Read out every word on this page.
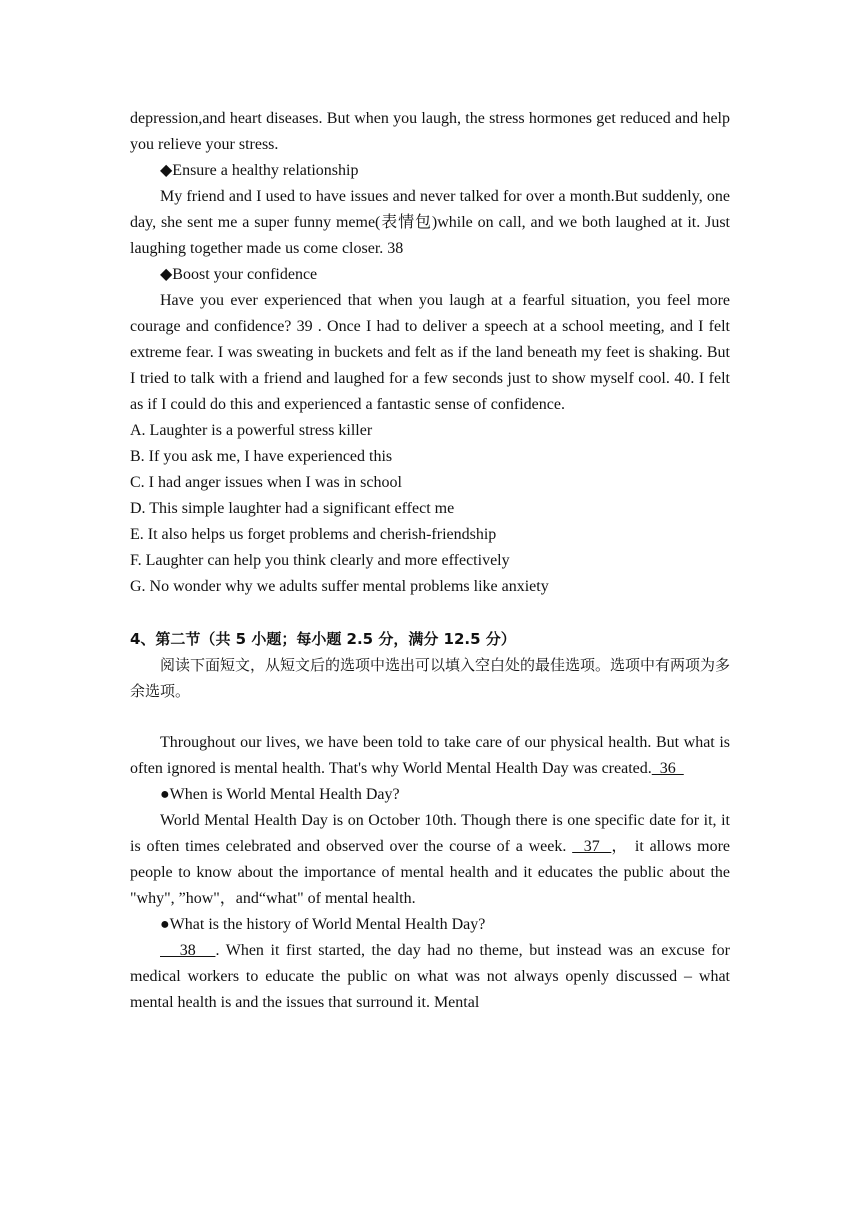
depression,and heart diseases. But when you laugh, the stress hormones get reduced and help you relieve your stress.

◆Ensure a healthy relationship

My friend and I used to have issues and never talked for over a month.But suddenly, one day, she sent me a super funny meme(表情包)while on call, and we both laughed at it. Just laughing together made us come closer. 38

◆Boost your confidence

Have you ever experienced that when you laugh at a fearful situation, you feel more courage and confidence? 39 . Once I had to deliver a speech at a school meeting, and I felt extreme fear. I was sweating in buckets and felt as if the land beneath my feet is shaking. But I tried to talk with a friend and laughed for a few seconds just to show myself cool. 40. I felt as if I could do this and experienced a fantastic sense of confidence.

A. Laughter is a powerful stress killer

B. If you ask me, I have experienced this

C. I had anger issues when I was in school

D. This simple laughter had a significant effect me

E. It also helps us forget problems and cherish-friendship

F. Laughter can help you think clearly and more effectively

G. No wonder why we adults suffer mental problems like anxiety

4、第二节（共 5 小题；每小题 2.5 分，满分 12.5 分）

阅读下面短文，从短文后的选项中选出可以填入空白处的最佳选项。选项中有两项为多余选项。

Throughout our lives, we have been told to take care of our physical health. But what is often ignored is mental health. That's why World Mental Health Day was created.  36

●When is World Mental Health Day?

World Mental Health Day is on October 10th. Though there is one specific date for it, it is often times celebrated and observed over the course of a week.   37  ， it allows more people to know about the importance of mental health and it educates the public about the "why", ”how"，and“what" of mental health.

●What is the history of World Mental Health Day?

38   . When it first started, the day had no theme, but instead was an excuse for medical workers to educate the public on what was not always openly discussed – what mental health is and the issues that surround it. Mental
